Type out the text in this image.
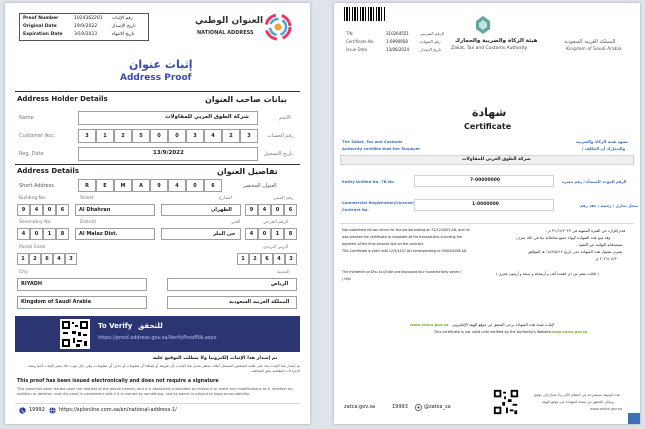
Proof Number	1024362201 رقم الإثبات
Original Date	19/9/2022	تاريخ الإصدار
Expiration Date	3/19/2023	تاريخ الانتهاء
العنوان الوطني
NATIONAL ADDRESS
إثبات عنوان
Address Proof
Address Holder Details	بيانات صاحب العنوان
Name	شركة الطوق العربي للمقاولات	الاسم
Customer Acc.	3	1	2	5	0	0	3	4	2	3	رقم الحساب
Reg. Date	13/9/2022	تاريخ التسجيل
Address Details	تفاصيل العنوان
Short Address	R	E	M	A	9	4	0	6	العنوان المختصر
Building No.	Street	الشارع	رقم المبنى
9	4	0	6	Al Dhahran	الظهران	9	4	0	6
Secondary No.	District	الحي	الرقم الفرعي
4	0	1	8	Al Malaz Dist.	حي الملز	4	0	1	8
Postal Code	الرمز البريدي
1	2	6	4	3	1	2	6	4	3
City	المدينة
RIYADH	الرياض
Kingdom of Saudi Arabia	المملكة العربية السعودية
To Verify للتحقق
https://proof.address.gov.sa/VerifyProofNA.aspx
تم إصدار هذا الإثبات إلكترونيا ولا يتطلب التوقيع عليه
تم إصدار هذا الإثبات بناء على طلب الشخص المسجل أعلاه. يحظر تعديل هذا الإثبات بأي طريقة أو إضافة أي معلومات أو حذف أي معلومات، وفي حال ثبوت ذلك يعتبر الإثبات لاغيا وتتخذ الإجراءات النظامية بحق المخالف.
This proof has been issued electronically and does not require a signature
This proof has been issued upon the request of the above-named, and it is absolutely prohibited to imitate it or make any modifications to it, whether by addition or deletion, and the proof is considered void if it is marred by something, and its owner is subject to legal accountability.
19992	https://splonline.com.sa/en/national-address-1/
TIN	310264551	الرقم الضريبي
Certificate No.	1-6990958	رقم الشهادة
Issue Date	13/06/2024	تاريخ الإصدار
هيئة الزكاة والضريبة والجمارك
Zakat, Tax and Customs Authority
المملكة العربية السعودية
Kingdom of Saudi Arabia
شهادة
Certificate
The Zakat, Tax and Customs
Authority certifies that the Taxpayer
تشهد هيئة الزكاة والضريبة
والجمارك أن المكلف /
شركة الطوق العربي للمقاولات
Entity Unified No. 7B No.	7-00000000	الرقم الموحد للمنشأة / رقم مميزة
Commercial Registration/License/
Contract No.
1-0000000	سجل تجاري / رخصة / عقد رقم
Has submitted his tax return for the period ending on 31/12/2023 AD, and he
was granted the certificate to complete all his transactions including the
payment of the final amount due on the contract.
This Certificate is valid until 12/5/1447 AH corresponding to 30/04/2026 AD
قدم إقراره عن الفترة المنتهية في ٣١/١٢/٢٠٢٣ م ،
وقد منح هذه الشهادة لإنهاء جميع معاملاته بما في ذلك صرف
مستحقاته النهائية عن العقود .
يسري مفعول هذه الشهادة حتى تاريخ ١٤٤٧/٥/١٢ هـ الموافق
٢٠٢٦/٠٤/٣٠ م
The thirteenth of Dhu al-Qi'dah one thousand four hundred forty seven (
) Hijri
( الثالث عشر من ذي القعدة ألف و أربعمائة و سبعة و أربعون هجري )
لإثبات صحة هذه الشهادة يرجى التحقق من موقع الهيئة الإلكتروني
www.zatca.gov.sa
This certificate is not valid until verified by the Authority's Website: www.zatca.gov.sa
zatca.gov.sa	19993	@zatca_sa
هذه الوثيقة مستخرجة من النظام الآلي ولا تحتاج إلى توقيع
ويمكن التحقق من صحة الشهادة عبر موقع الهيئة
www.zatca.gov.sa
